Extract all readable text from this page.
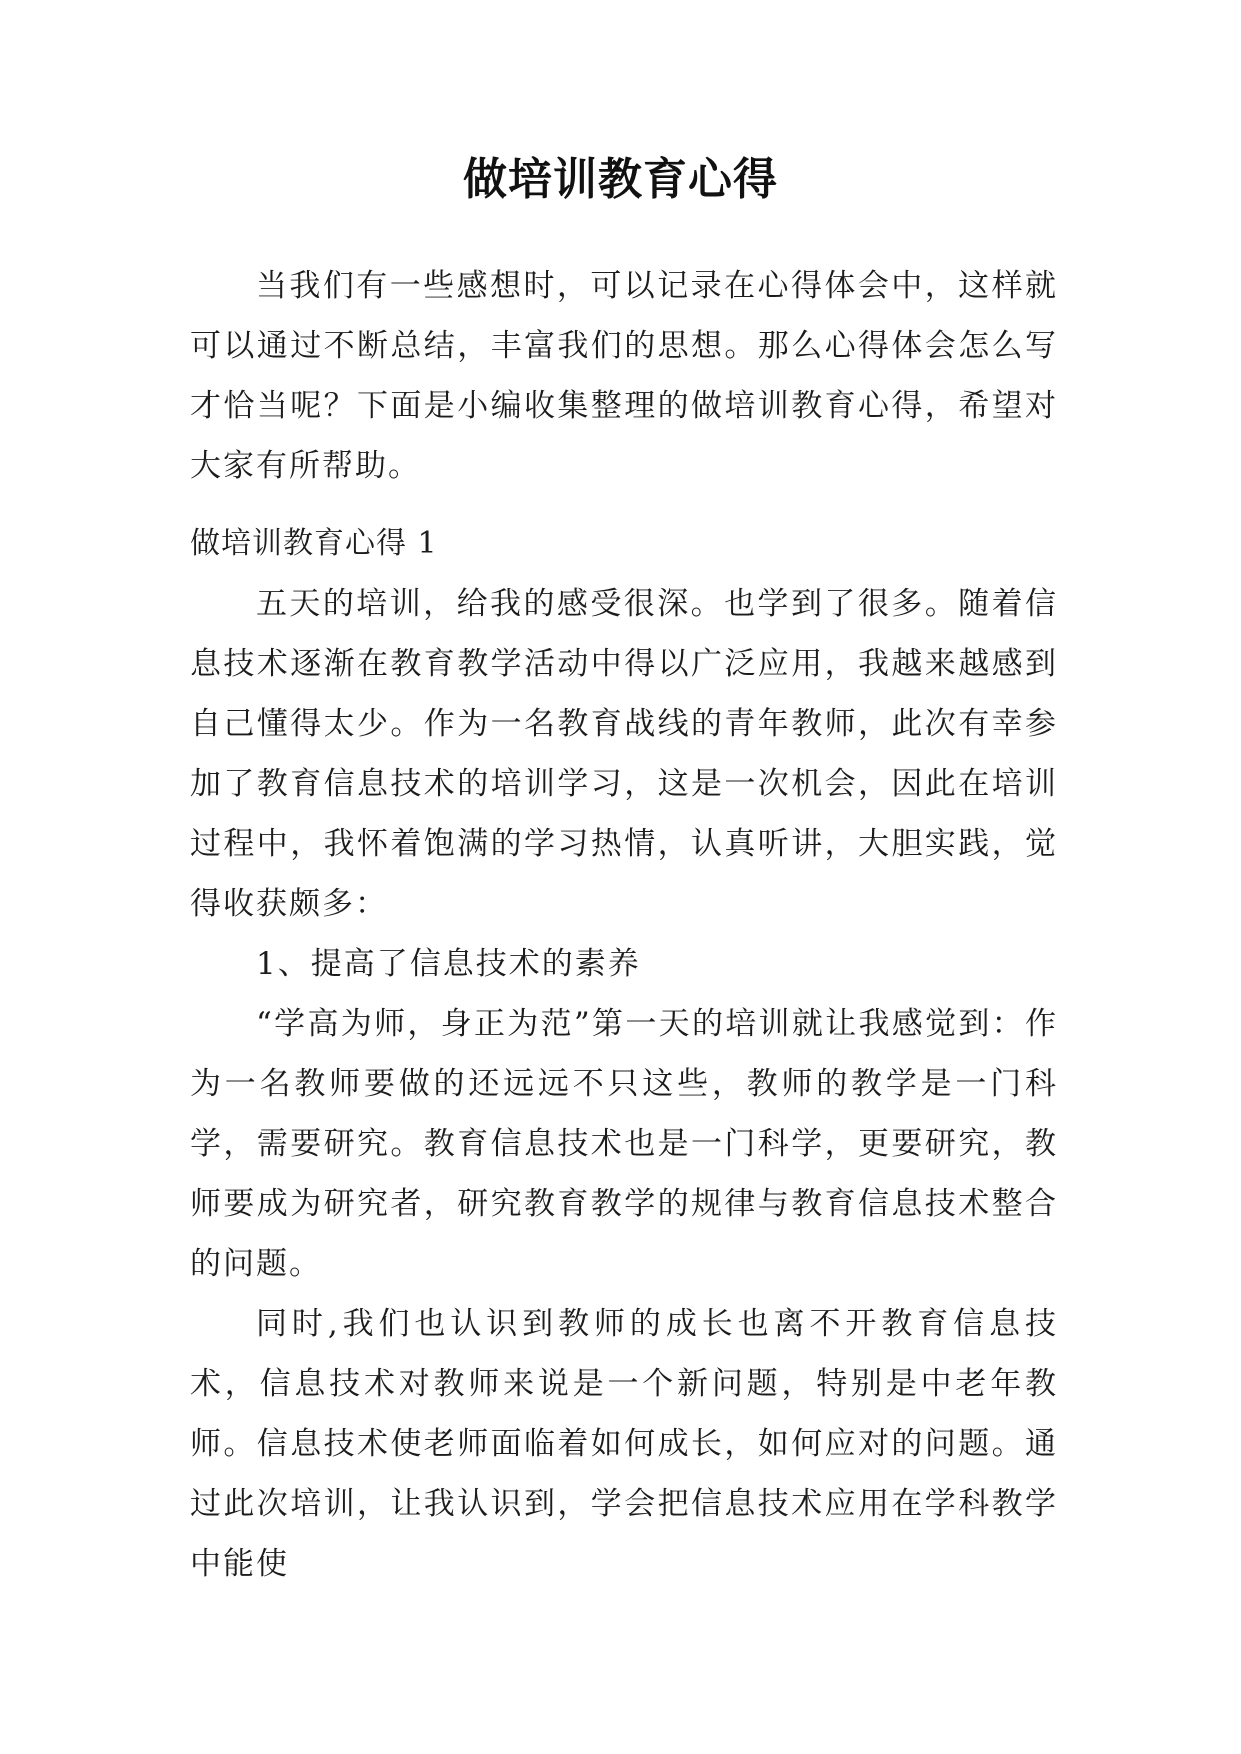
做培训教育心得

当我们有一些感想时，可以记录在心得体会中，这样就可以通过不断总结，丰富我们的思想。那么心得体会怎么写才恰当呢？下面是小编收集整理的做培训教育心得，希望对大家有所帮助。

做培训教育心得 1

五天的培训，给我的感受很深。也学到了很多。随着信息技术逐渐在教育教学活动中得以广泛应用，我越来越感到自己懂得太少。作为一名教育战线的青年教师，此次有幸参加了教育信息技术的培训学习，这是一次机会，因此在培训过程中，我怀着饱满的学习热情，认真听讲，大胆实践，觉得收获颇多：

1、提高了信息技术的素养

“学高为师，身正为范”第一天的培训就让我感觉到：作为一名教师要做的还远远不只这些，教师的教学是一门科学，需要研究。教育信息技术也是一门科学，更要研究，教师要成为研究者，研究教育教学的规律与教育信息技术整合的问题。

同时,我们也认识到教师的成长也离不开教育信息技术，信息技术对教师来说是一个新问题，特别是中老年教师。信息技术使老师面临着如何成长，如何应对的问题。通过此次培训，让我认识到，学会把信息技术应用在学科教学中能使
